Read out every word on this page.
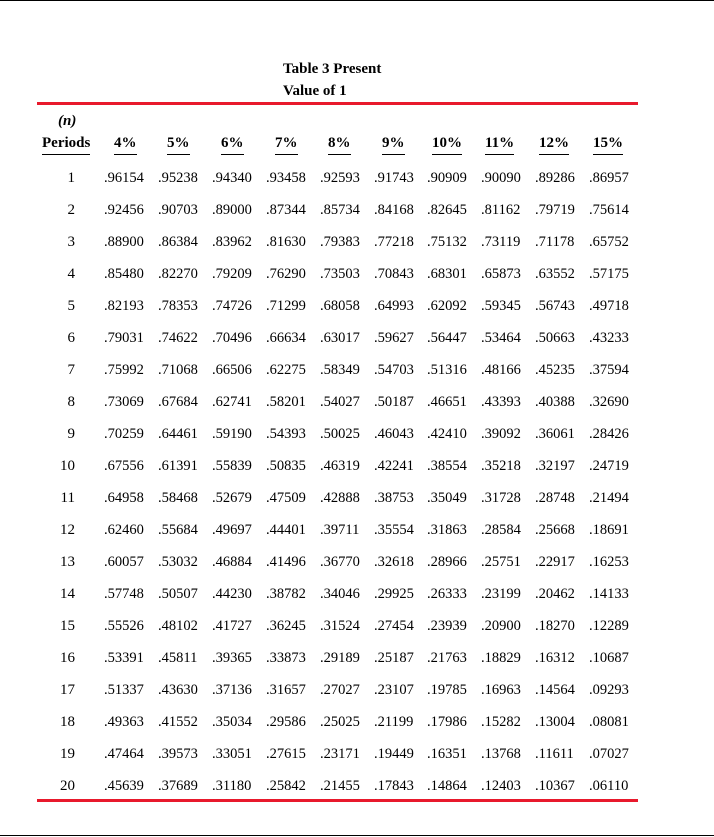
Table 3 Present
Value of 1
(n)
Periods 4% 5% 6% 7% 8% 9% 10% 11% 12% 15%
1 .96154 .95238 .94340 .93458 .92593 .91743 .90909 .90090 .89286 .86957
2 .92456 .90703 .89000 .87344 .85734 .84168 .82645 .81162 .79719 .75614
3 .88900 .86384 .83962 .81630 .79383 .77218 .75132 .73119 .71178 .65752
4 .85480 .82270 .79209 .76290 .73503 .70843 .68301 .65873 .63552 .57175
5 .82193 .78353 .74726 .71299 .68058 .64993 .62092 .59345 .56743 .49718
6 .79031 .74622 .70496 .66634 .63017 .59627 .56447 .53464 .50663 .43233
7 .75992 .71068 .66506 .62275 .58349 .54703 .51316 .48166 .45235 .37594
8 .73069 .67684 .62741 .58201 .54027 .50187 .46651 .43393 .40388 .32690
9 .70259 .64461 .59190 .54393 .50025 .46043 .42410 .39092 .36061 .28426
10 .67556 .61391 .55839 .50835 .46319 .42241 .38554 .35218 .32197 .24719
11 .64958 .58468 .52679 .47509 .42888 .38753 .35049 .31728 .28748 .21494
12 .62460 .55684 .49697 .44401 .39711 .35554 .31863 .28584 .25668 .18691
13 .60057 .53032 .46884 .41496 .36770 .32618 .28966 .25751 .22917 .16253
14 .57748 .50507 .44230 .38782 .34046 .29925 .26333 .23199 .20462 .14133
15 .55526 .48102 .41727 .36245 .31524 .27454 .23939 .20900 .18270 .12289
16 .53391 .45811 .39365 .33873 .29189 .25187 .21763 .18829 .16312 .10687
17 .51337 .43630 .37136 .31657 .27027 .23107 .19785 .16963 .14564 .09293
18 .49363 .41552 .35034 .29586 .25025 .21199 .17986 .15282 .13004 .08081
19 .47464 .39573 .33051 .27615 .23171 .19449 .16351 .13768 .11611 .07027
20 .45639 .37689 .31180 .25842 .21455 .17843 .14864 .12403 .10367 .06110
